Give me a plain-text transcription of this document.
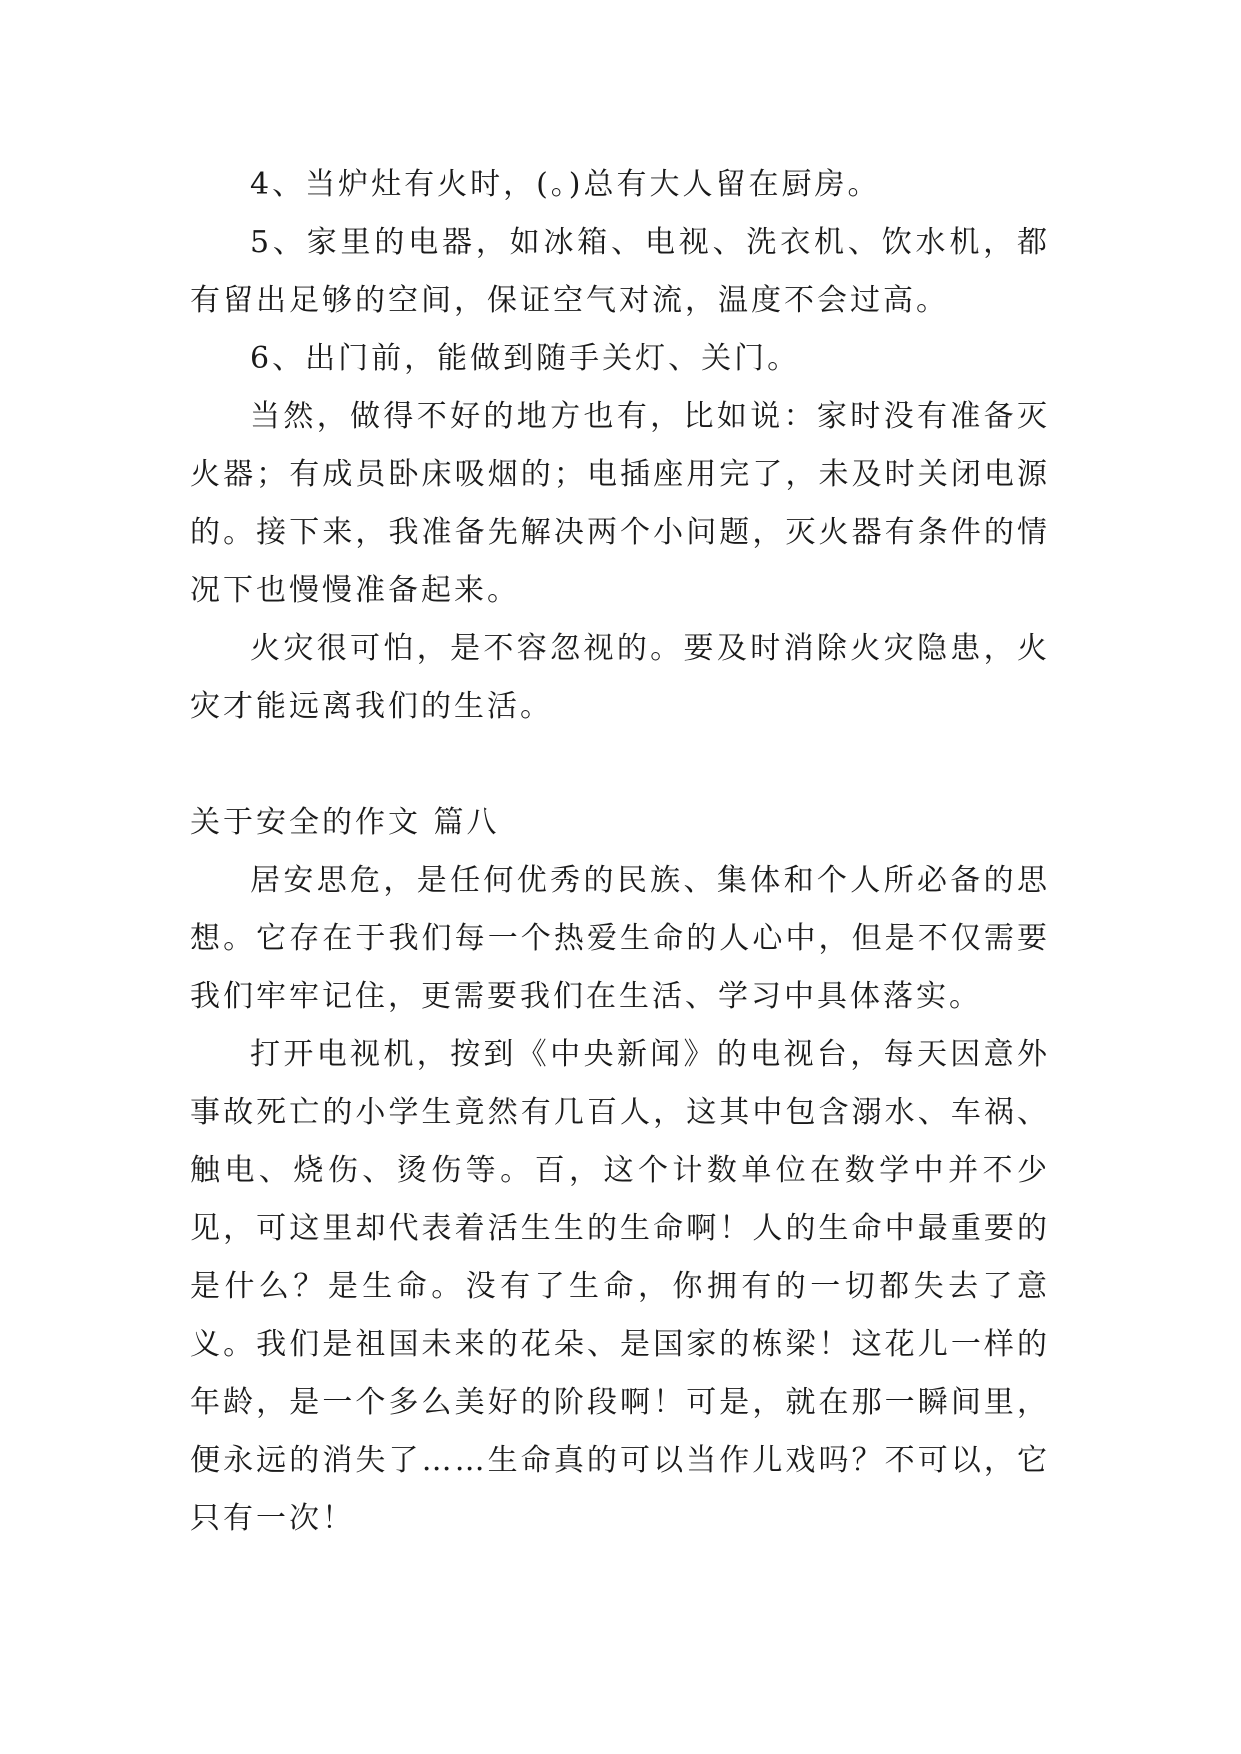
4、当炉灶有火时，(。)总有大人留在厨房。

5、家里的电器，如冰箱、电视、洗衣机、饮水机，都有留出足够的空间，保证空气对流，温度不会过高。

6、出门前，能做到随手关灯、关门。

当然，做得不好的地方也有，比如说：家时没有准备灭火器；有成员卧床吸烟的；电插座用完了，未及时关闭电源的。接下来，我准备先解决两个小问题，灭火器有条件的情况下也慢慢准备起来。

火灾很可怕，是不容忽视的。要及时消除火灾隐患，火灾才能远离我们的生活。

关于安全的作文 篇八

居安思危，是任何优秀的民族、集体和个人所必备的思想。它存在于我们每一个热爱生命的人心中，但是不仅需要我们牢牢记住，更需要我们在生活、学习中具体落实。

打开电视机，按到《中央新闻》的电视台，每天因意外事故死亡的小学生竟然有几百人，这其中包含溺水、车祸、触电、烧伤、烫伤等。百，这个计数单位在数学中并不少见，可这里却代表着活生生的生命啊！人的生命中最重要的是什么？是生命。没有了生命，你拥有的一切都失去了意义。我们是祖国未来的花朵、是国家的栋梁！这花儿一样的年龄，是一个多么美好的阶段啊！可是，就在那一瞬间里，便永远的消失了……生命真的可以当作儿戏吗？不可以，它只有一次！
